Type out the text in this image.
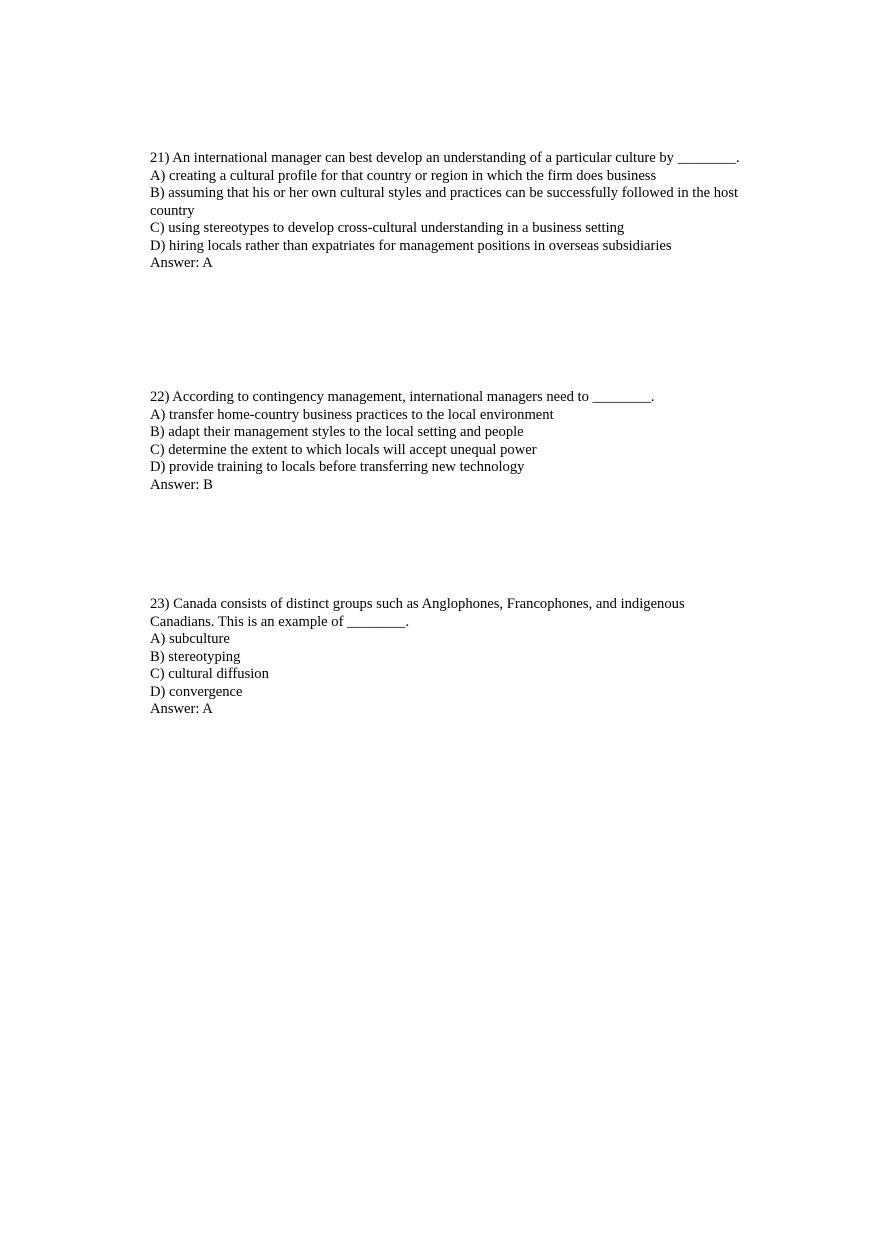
21) An international manager can best develop an understanding of a particular culture by ________.
A) creating a cultural profile for that country or region in which the firm does business
B) assuming that his or her own cultural styles and practices can be successfully followed in the host country
C) using stereotypes to develop cross-cultural understanding in a business setting
D) hiring locals rather than expatriates for management positions in overseas subsidiaries
Answer: A
22) According to contingency management, international managers need to ________.
A) transfer home-country business practices to the local environment
B) adapt their management styles to the local setting and people
C) determine the extent to which locals will accept unequal power
D) provide training to locals before transferring new technology
Answer: B
23) Canada consists of distinct groups such as Anglophones, Francophones, and indigenous Canadians. This is an example of ________.
A) subculture
B) stereotyping
C) cultural diffusion
D) convergence
Answer: A
